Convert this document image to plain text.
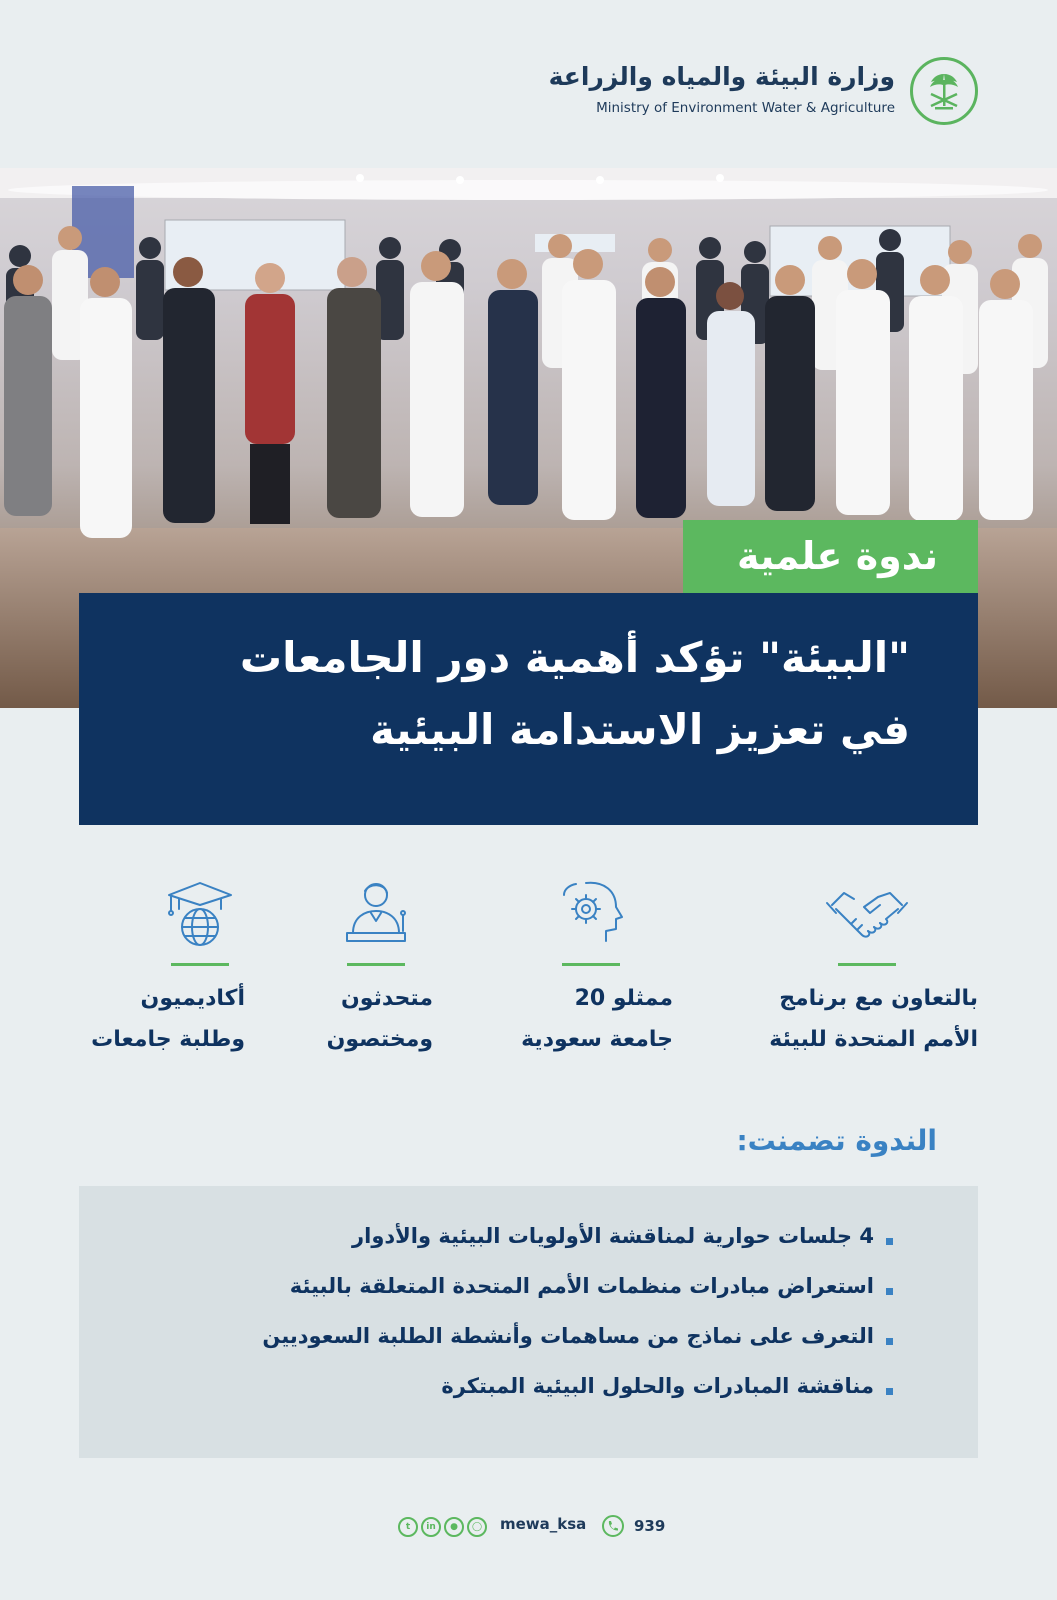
وزارة البيئة والمياه والزراعة
Ministry of Environment Water & Agriculture
ندوة علمية
"البيئة" تؤكد أهمية دور الجامعات
في تعزيز الاستدامة البيئية
بالتعاون مع برنامج
الأمم المتحدة للبيئة
ممثلو 20
جامعة سعودية
متحدثون
ومختصون
أكاديميون
وطلبة جامعات
الندوة تضمنت:
4 جلسات حوارية لمناقشة الأولويات البيئية والأدوار
استعراض مبادرات منظمات الأمم المتحدة المتعلقة بالبيئة
التعرف على نماذج من مساهمات وأنشطة الطلبة السعوديين
مناقشة المبادرات والحلول البيئية المبتكرة
t	in	●	◯	mewa_ksa	939
